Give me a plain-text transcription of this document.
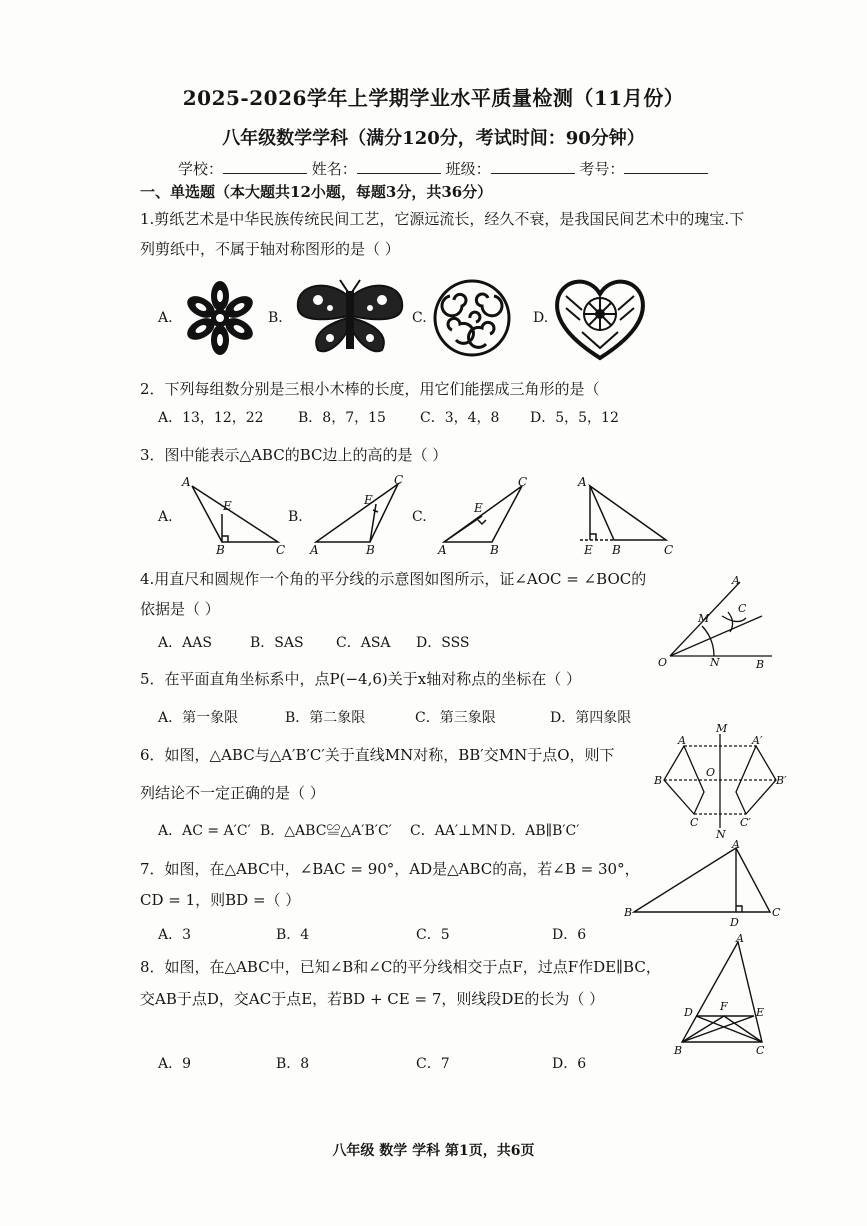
2025-2026学年上学期学业水平质量检测（11月份）
八年级数学学科（满分120分，考试时间：90分钟）
学校：	姓名：	班级：	考号：
一、单选题（本大题共12小题，每题3分，共36分）
1.剪纸艺术是中华民族传统民间工艺，它源远流长，经久不衰，是我国民间艺术中的瑰宝.下
列剪纸中，不属于轴对称图形的是（ ）
A.	B.	C.	D.
2．下列每组数分别是三根小木棒的长度，用它们能摆成三角形的是（
A．13，12，22 B．8，7，15 C．3，4，8 D．5，5，12
3．图中能表示△ABC的BC边上的高的是（ ）
A.
A
E
B	C
B.
A	B
E
C
C.
A	B
E
C	A
E B	C
4.用直尺和圆规作一个角的平分线的示意图如图所示，证∠AOC = ∠BOC的
依据是（ ）
A．AAS	B．SAS C．ASA D．SSS
O
M
N	B
A
C
5．在平面直角坐标系中，点P(−4,6)关于x轴对称点的坐标在（ ）
A．第一象限	B．第二象限	C．第三象限	D．第四象限
6．如图，△ABC与△A′B′C′关于直线MN对称，BB′交MN于点O，则下
列结论不一定正确的是（ ）
A．AC = A′C′ B．△ABC≌△A′B′C′ C．AA′⊥MN D．AB∥B′C′
A	A′
M
B
O
B′
C	C′
N
7．如图，在△ABC中，∠BAC = 90°，AD是△ABC的高，若∠B = 30°，
CD = 1，则BD =（ ）
A．3	B．4	C．5	D．6
A
B
D
C
8．如图，在△ABC中，已知∠B和∠C的平分线相交于点F，过点F作DE∥BC，
交AB于点D，交AC于点E，若BD + CE = 7，则线段DE的长为（ ）
A．9	B．8	C．7	D．6
A
D F	E
B	C
八年级 数学 学科 第1页，共6页
